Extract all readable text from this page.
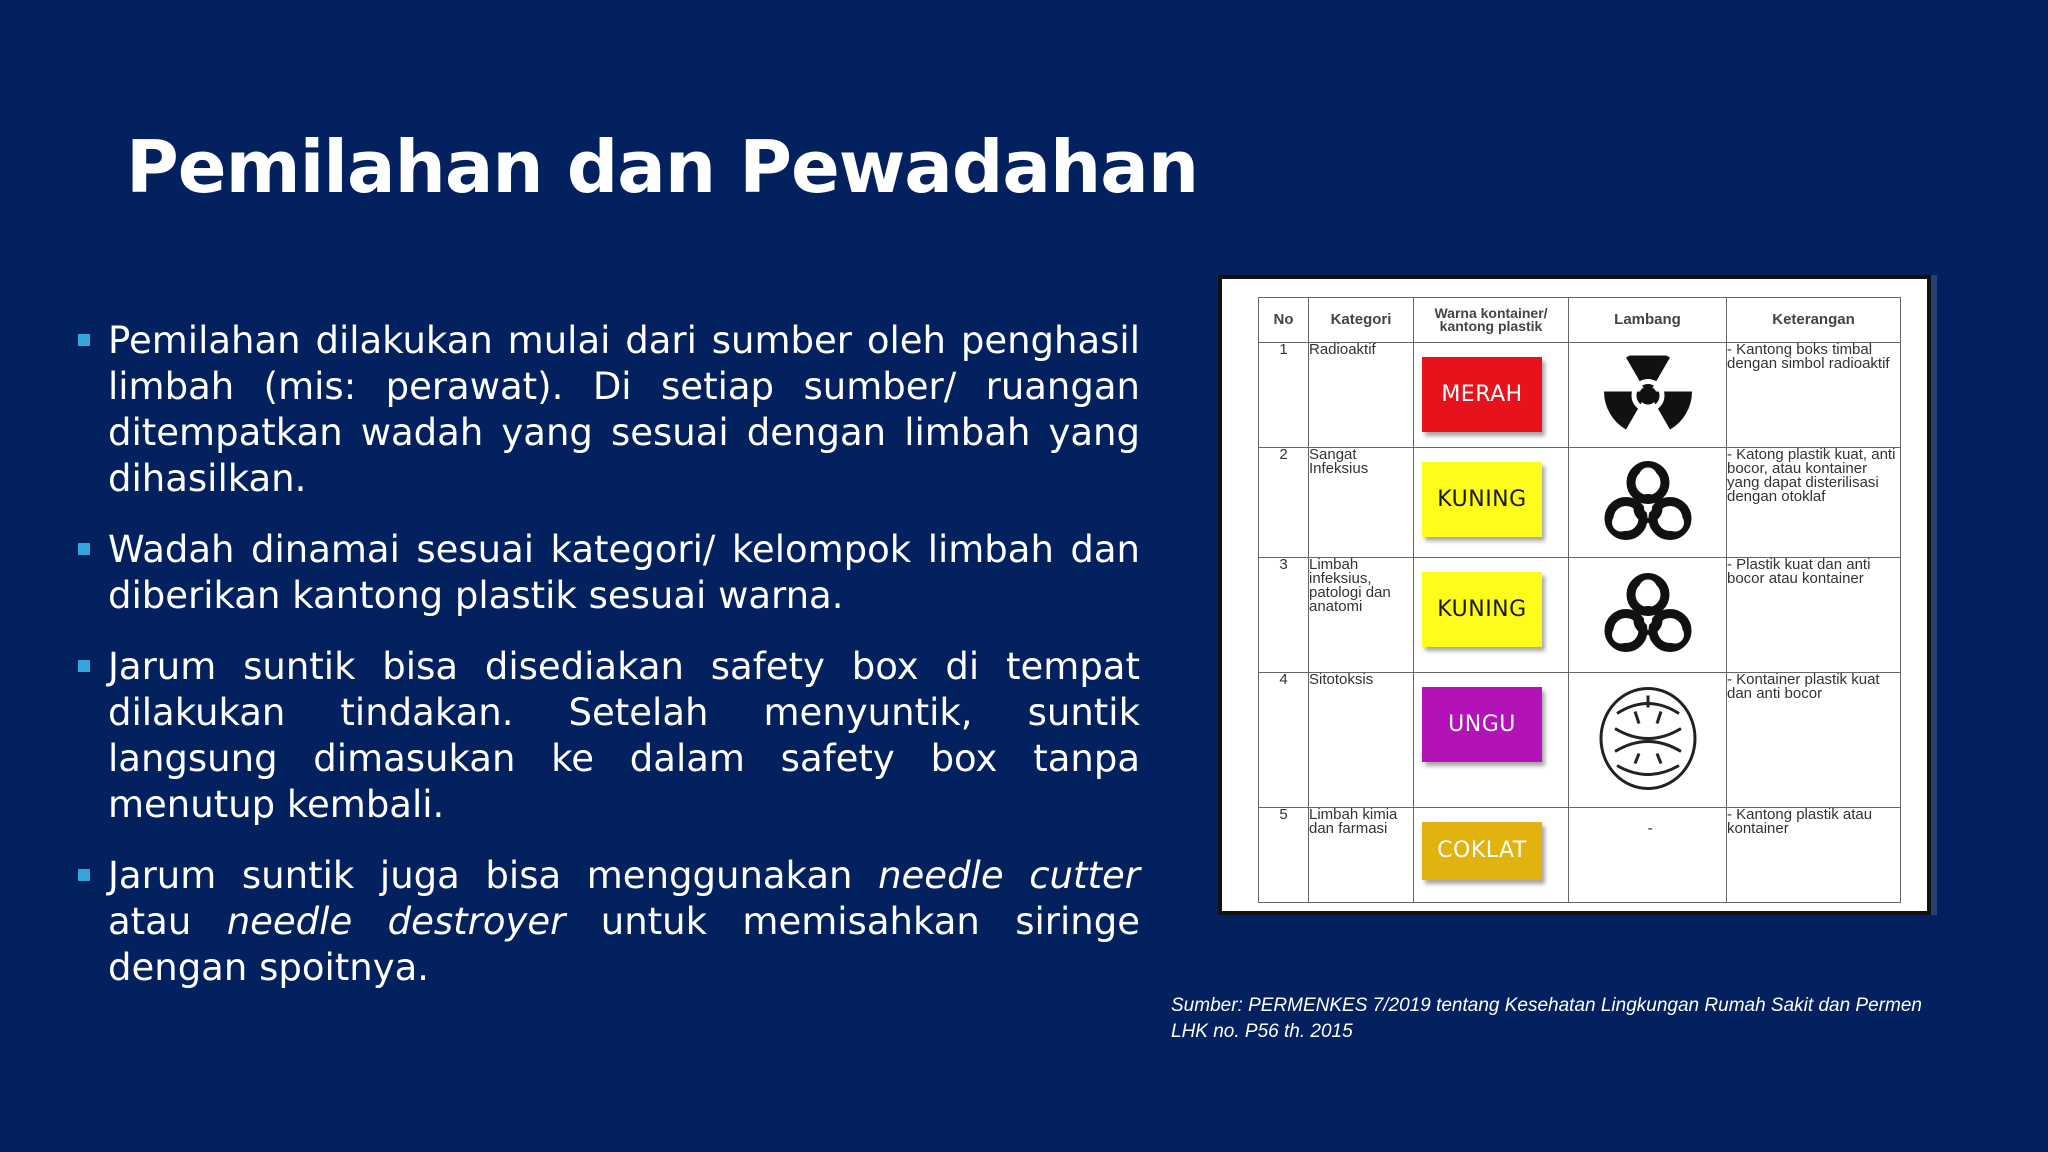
Pemilahan dan Pewadahan
Pemilahan dilakukan mulai dari sumber oleh penghasil limbah (mis: perawat). Di setiap sumber/ ruangan ditempatkan wadah yang sesuai dengan limbah yang dihasilkan.
Wadah dinamai sesuai kategori/ kelompok limbah dan diberikan kantong plastik sesuai warna.
Jarum suntik bisa disediakan safety box di tempat dilakukan tindakan. Setelah menyuntik, suntik langsung dimasukan ke dalam safety box tanpa menutup kembali.
Jarum suntik juga bisa menggunakan needle cutter atau needle destroyer untuk memisahkan siringe dengan spoitnya.
No	Kategori	Warna kontainer/ kantong plastik	Lambang	Keterangan
1	Radioaktif	MERAH		- Kantong boks timbal dengan simbol radioaktif
2	Sangat Infeksius	KUNING		- Katong plastik kuat, anti bocor, atau kontainer yang dapat disterilisasi dengan otoklaf
3	Limbah infeksius, patologi dan anatomi	KUNING		- Plastik kuat dan anti bocor atau kontainer
4	Sitotoksis	UNGU		- Kontainer plastik kuat dan anti bocor
5	Limbah kimia dan farmasi	COKLAT	-	- Kantong plastik atau kontainer

Sumber: PERMENKES 7/2019 tentang Kesehatan Lingkungan Rumah Sakit dan Permen LHK no. P56 th. 2015
